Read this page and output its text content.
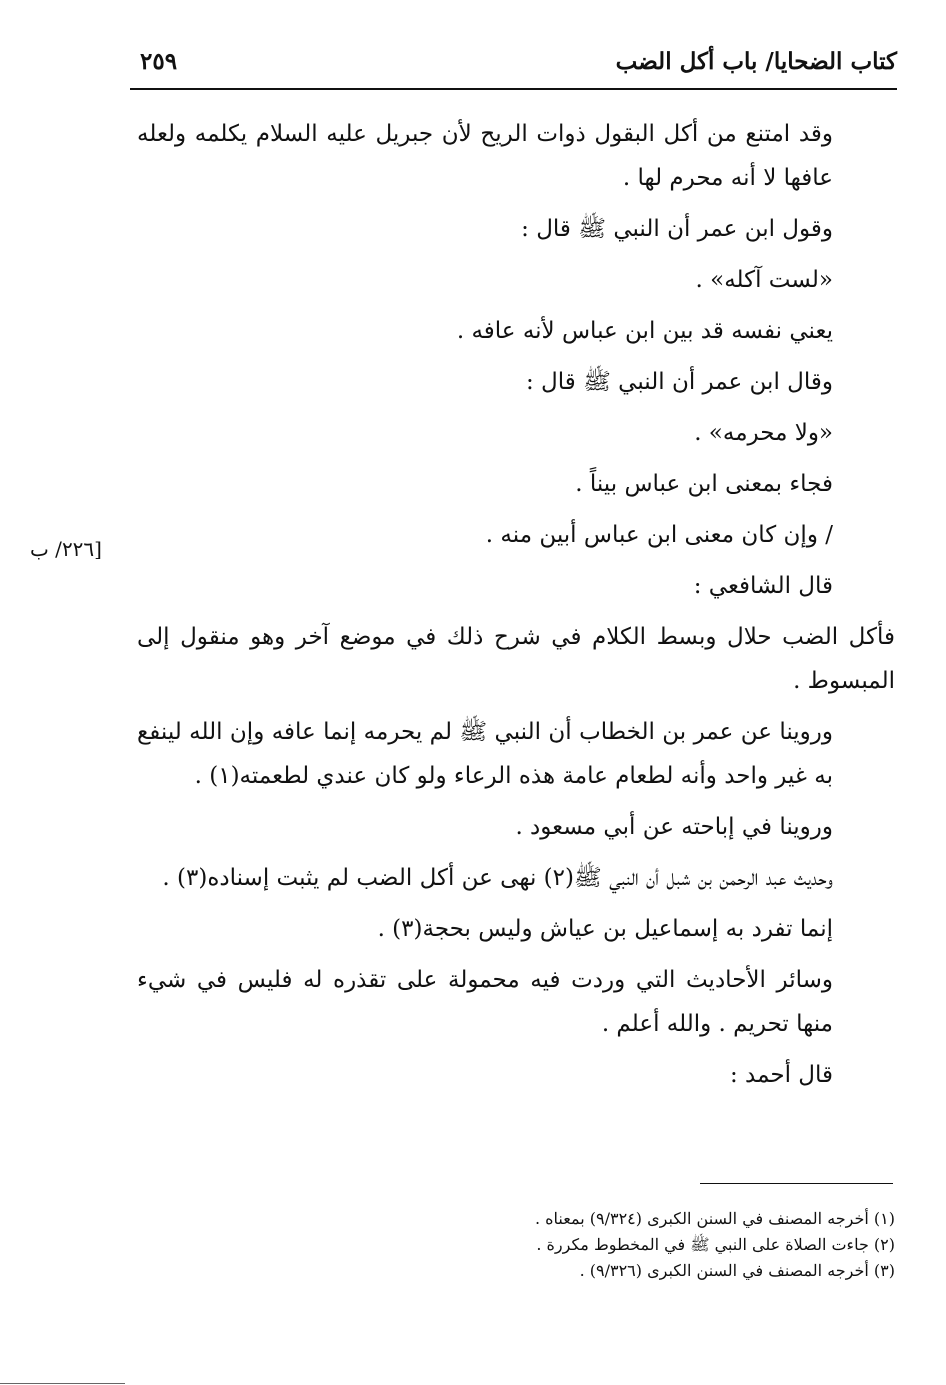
كتاب الضحايا/ باب أكل الضب
٢٥٩

وقد امتنع من أكل البقول ذوات الريح لأن جبريل عليه السلام يكلمه ولعله عافها لا أنه محرم لها .

وقول ابن عمر أن النبي ﷺ قال :

«لست آكله» .

يعني نفسه قد بين ابن عباس لأنه عافه .

وقال ابن عمر أن النبي ﷺ قال :

«ولا محرمه» .

فجاء بمعنى ابن عباس بيناً .

/ وإن كان معنى ابن عباس أبين منه .

قال الشافعي :

فأكل الضب حلال وبسط الكلام في شرح ذلك في موضع آخر وهو منقول إلى المبسوط .

وروينا عن عمر بن الخطاب أن النبي ﷺ لم يحرمه إنما عافه وإن الله لينفع به غير واحد وأنه لطعام عامة هذه الرعاء ولو كان عندي لطعمته(١) .

وروينا في إباحته عن أبي مسعود .

وحديث عبد الرحمن بن شبل أن النبي ﷺ(٢) نهى عن أكل الضب لم يثبت إسناده(٣) .

إنما تفرد به إسماعيل بن عياش وليس بحجة(٣) .

وسائر الأحاديث التي وردت فيه محمولة على تقذره له فليس في شيء منها تحريم . والله أعلم .

قال أحمد :

[٢٢٦/ ب

(١) أخرجه المصنف في السنن الكبرى (٩/٣٢٤) بمعناه .

(٢) جاءت الصلاة على النبي ﷺ في المخطوط مكررة .

(٣) أخرجه المصنف في السنن الكبرى (٩/٣٢٦) .
